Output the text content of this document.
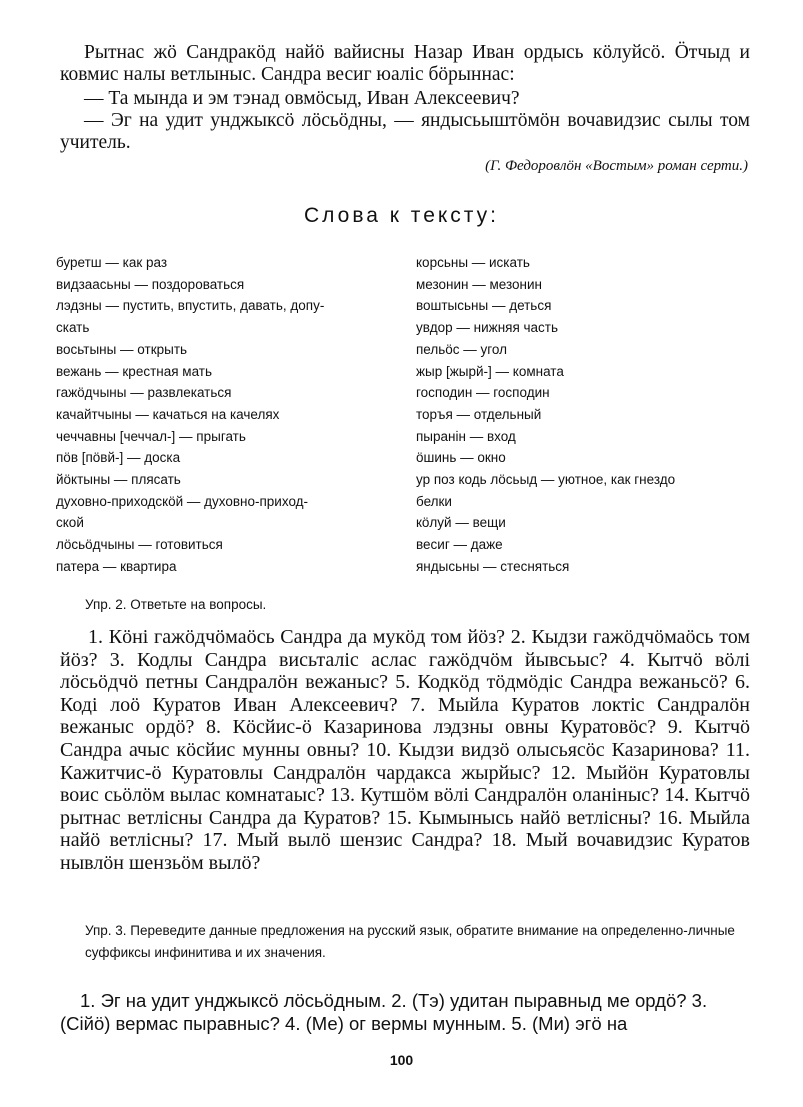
Рытнас жӧ Сандракӧд найӧ вайисны Назар Иван ордысь кӧлуйсӧ. Ӧтчыд и ковмис налы ветлыныс. Сандра весиг юаліс бӧрыннас:
— Та мында и эм тэнад овмӧсыд, Иван Алексеевич?
— Эг на удит унджыксӧ лӧсьӧдны, — яндысьыштӧмӧн вочавидзис сылы том учитель.
(Г. Федоровлӧн «Востым» роман серти.)
Слова к тексту:
буретш — как раз
видзаасьны — поздороваться
лэдзны — пустить, впустить, давать, допу-
скать
восьтыны — открыть
вежань — крестная мать
гажӧдчыны — развлекаться
качайтчыны — качаться на качелях
чеччавны [чеччал-] — прыгать
пӧв [пӧвй-] — доска
йӧктыны — плясать
духовно-приходскӧй — духовно-приход-
ской
лӧсьӧдчыны — готовиться
патера — квартира
корсьны — искать
мезонин — мезонин
воштысьны — деться
увдор — нижняя часть
пельӧс — угол
жыр [жырй-] — комната
господин — господин
торъя — отдельный
пыранін — вход
ӧшинь — окно
ур поз кодь лӧсьыд — уютное, как гнездо
белки
кӧлуй — вещи
весиг — даже
яндысьны — стесняться
Упр. 2. Ответьте на вопросы.
1. Кӧні гажӧдчӧмаӧсь Сандра да мукӧд том йӧз? 2. Кыдзи гажӧдчӧмаӧсь том йӧз? 3. Кодлы Сандра висьталіс аслас гажӧдчӧм йывсьыс? 4. Кытчӧ вӧлі лӧсьӧдчӧ петны Сандралӧн вежаныс? 5. Кодкӧд тӧдмӧдіс Сандра вежаньсӧ? 6. Коді лоӧ Куратов Иван Алексеевич? 7. Мыйла Куратов локтіс Сандралӧн вежаныс ордӧ? 8. Кӧсйис-ӧ Казаринова лэдзны овны Куратовӧс? 9. Кытчӧ Сандра ачыс кӧсйис мунны овны? 10. Кыдзи видзӧ олысьясӧс Казаринова? 11. Кажитчис-ӧ Куратовлы Сандралӧн чардакса жырйыс? 12. Мыйӧн Куратовлы воис сьӧлӧм вылас комнатаыс? 13. Кутшӧм вӧлі Сандралӧн оланіныс? 14. Кытчӧ рытнас ветлісны Сандра да Куратов? 15. Кымынысь найӧ ветлісны? 16. Мыйла найӧ ветлісны? 17. Мый вылӧ шензис Сандра? 18. Мый вочавидзис Куратов нывлӧн шензьӧм вылӧ?
Упр. 3. Переведите данные предложения на русский язык, обратите внимание на определенно-личные суффиксы инфинитива и их значения.
1. Эг на удит унджыксӧ лӧсьӧдным. 2. (Тэ) удитан пыравныд ме ордӧ? 3. (Сійӧ) вермас пыравныс? 4. (Ме) ог вермы мунным. 5. (Ми) эгӧ на
100
